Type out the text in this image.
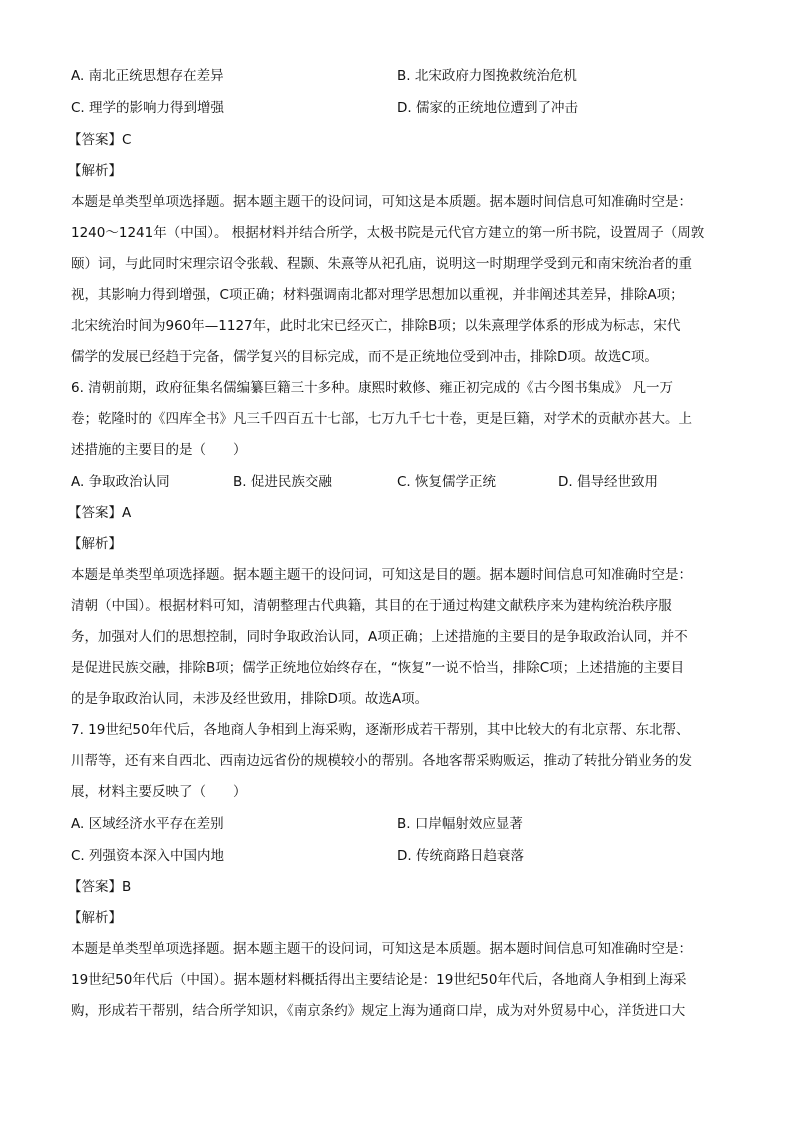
A. 南北正统思想存在差异	B. 北宋政府力图挽救统治危机
C. 理学的影响力得到增强	D. 儒家的正统地位遭到了冲击
【答案】C
【解析】
本题是单类型单项选择题。据本题主题干的设问词，可知这是本质题。据本题时间信息可知准确时空是：
1240～1241年（中国）。 根据材料并结合所学，太极书院是元代官方建立的第一所书院，设置周子（周敦
颐）词，与此同时宋理宗诏令张载、程颢、朱熹等从祀孔庙，说明这一时期理学受到元和南宋统治者的重
视，其影响力得到增强，C项正确；材料强调南北都对理学思想加以重视，并非阐述其差异，排除A项；
北宋统治时间为960年—1127年，此时北宋已经灭亡，排除B项；以朱熹理学体系的形成为标志，宋代
儒学的发展已经趋于完备，儒学复兴的目标完成，而不是正统地位受到冲击，排除D项。故选C项。
6. 清朝前期，政府征集名儒编纂巨籍三十多种。康熙时敕修、雍正初完成的《古今图书集成》 凡一万
卷；乾隆时的《四库全书》凡三千四百五十七部，七万九千七十卷，更是巨籍，对学术的贡献亦甚大。上
述措施的主要目的是（　　）
A. 争取政治认同	B. 促进民族交融	C. 恢复儒学正统	D. 倡导经世致用
【答案】A
【解析】
本题是单类型单项选择题。据本题主题干的设问词，可知这是目的题。据本题时间信息可知准确时空是：
清朝（中国）。根据材料可知，清朝整理古代典籍，其目的在于通过构建文献秩序来为建构统治秩序服
务，加强对人们的思想控制，同时争取政治认同，A项正确；上述措施的主要目的是争取政治认同，并不
是促进民族交融，排除B项；儒学正统地位始终存在，“恢复”一说不恰当，排除C项；上述措施的主要目
的是争取政治认同，未涉及经世致用，排除D项。故选A项。
7. 19世纪50年代后，各地商人争相到上海采购，逐渐形成若干帮别，其中比较大的有北京帮、东北帮、
川帮等，还有来自西北、西南边远省份的规模较小的帮别。各地客帮采购贩运，推动了转批分销业务的发
展，材料主要反映了（　　）
A. 区域经济水平存在差别	B. 口岸幅射效应显著
C. 列强资本深入中国内地	D. 传统商路日趋衰落
【答案】B
【解析】
本题是单类型单项选择题。据本题主题干的设问词，可知这是本质题。据本题时间信息可知准确时空是：
19世纪50年代后（中国）。据本题材料概括得出主要结论是：19世纪50年代后，各地商人争相到上海采
购，形成若干帮别，结合所学知识，《南京条约》规定上海为通商口岸，成为对外贸易中心，洋货进口大
